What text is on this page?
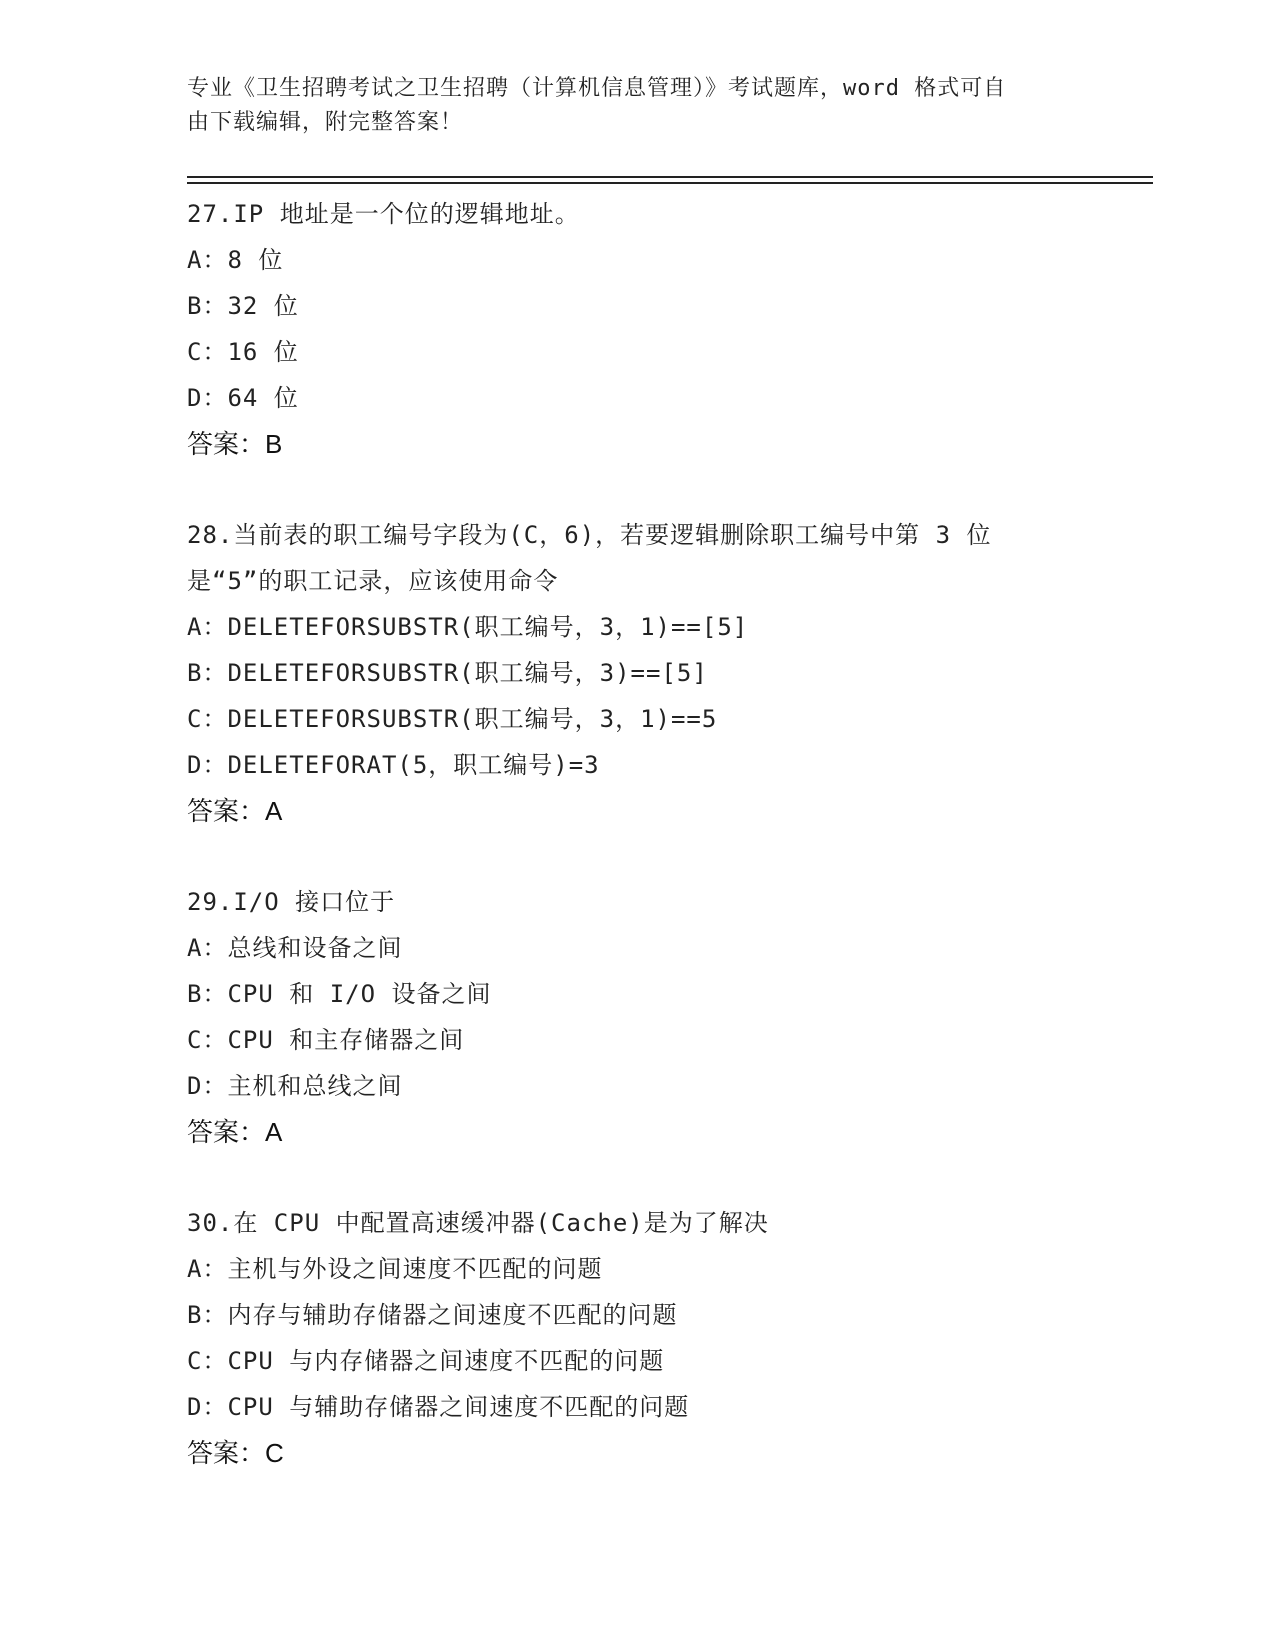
专业《卫生招聘考试之卫生招聘（计算机信息管理）》考试题库，word 格式可自
由下载编辑，附完整答案！
27.IP 地址是一个位的逻辑地址。
A：8 位
B：32 位
C：16 位
D：64 位
答案：B
28.当前表的职工编号字段为(C，6)，若要逻辑删除职工编号中第 3 位
是“5”的职工记录，应该使用命令
A：DELETEFORSUBSTR(职工编号，3，1)==[5]
B：DELETEFORSUBSTR(职工编号，3)==[5]
C：DELETEFORSUBSTR(职工编号，3，1)==5
D：DELETEFORAT(5，职工编号)=3
答案：A
29.I/O 接口位于
A：总线和设备之间
B：CPU 和 I/O 设备之间
C：CPU 和主存储器之间
D：主机和总线之间
答案：A
30.在 CPU 中配置高速缓冲器(Cache)是为了解决
A：主机与外设之间速度不匹配的问题
B：内存与辅助存储器之间速度不匹配的问题
C：CPU 与内存储器之间速度不匹配的问题
D：CPU 与辅助存储器之间速度不匹配的问题
答案：C
